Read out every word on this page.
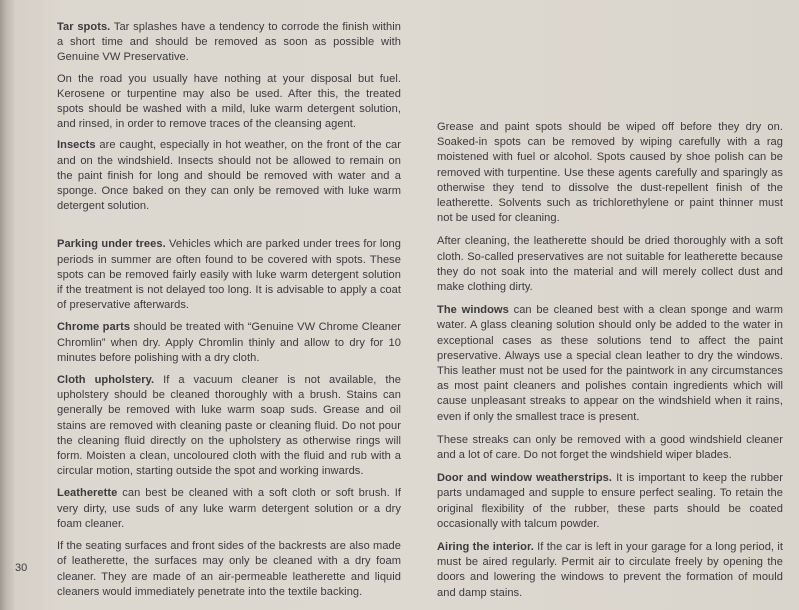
Tar spots. Tar splashes have a tendency to corrode the finish within a short time and should be removed as soon as possible with Genuine VW Preservative.

On the road you usually have nothing at your disposal but fuel. Kerosene or turpentine may also be used. After this, the treated spots should be washed with a mild, luke warm detergent solution, and rinsed, in order to remove traces of the cleansing agent.

Insects are caught, especially in hot weather, on the front of the car and on the windshield. Insects should not be allowed to remain on the paint finish for long and should be removed with water and a sponge. Once baked on they can only be removed with luke warm detergent solution.

Parking under trees. Vehicles which are parked under trees for long periods in summer are often found to be covered with spots. These spots can be removed fairly easily with luke warm detergent solution if the treatment is not delayed too long. It is advisable to apply a coat of preservative afterwards.

Chrome parts should be treated with “Genuine VW Chrome Cleaner Chromlin” when dry. Apply Chromlin thinly and allow to dry for 10 minutes before polishing with a dry cloth.

Cloth upholstery. If a vacuum cleaner is not available, the upholstery should be cleaned thoroughly with a brush. Stains can generally be removed with luke warm soap suds. Grease and oil stains are removed with cleaning paste or cleaning fluid. Do not pour the cleaning fluid directly on the upholstery as otherwise rings will form. Moisten a clean, uncoloured cloth with the fluid and rub with a circular motion, starting outside the spot and working inwards.

Leatherette can best be cleaned with a soft cloth or soft brush. If very dirty, use suds of any luke warm detergent solution or a dry foam cleaner.

If the seating surfaces and front sides of the backrests are also made of leatherette, the surfaces may only be cleaned with a dry foam cleaner. They are made of an air-permeable leatherette and liquid cleaners would immediately penetrate into the textile backing.

Grease and paint spots should be wiped off before they dry on. Soaked-in spots can be removed by wiping carefully with a rag moistened with fuel or alcohol. Spots caused by shoe polish can be removed with turpentine. Use these agents carefully and sparingly as otherwise they tend to dissolve the dust-repellent finish of the leatherette. Solvents such as trichlorethylene or paint thinner must not be used for cleaning.

After cleaning, the leatherette should be dried thoroughly with a soft cloth. So-called preservatives are not suitable for leatherette because they do not soak into the material and will merely collect dust and make clothing dirty.

The windows can be cleaned best with a clean sponge and warm water. A glass cleaning solution should only be added to the water in exceptional cases as these solutions tend to affect the paint preservative. Always use a special clean leather to dry the windows. This leather must not be used for the paintwork in any circumstances as most paint cleaners and polishes contain ingredients which will cause unpleasant streaks to appear on the windshield when it rains, even if only the smallest trace is present.

These streaks can only be removed with a good windshield cleaner and a lot of care. Do not forget the windshield wiper blades.

Door and window weatherstrips. It is important to keep the rubber parts undamaged and supple to ensure perfect sealing. To retain the original flexibility of the rubber, these parts should be coated occasionally with talcum powder.

Airing the interior. If the car is left in your garage for a long period, it must be aired regularly. Permit air to circulate freely by opening the doors and lowering the windows to prevent the formation of mould and damp stains.

30
